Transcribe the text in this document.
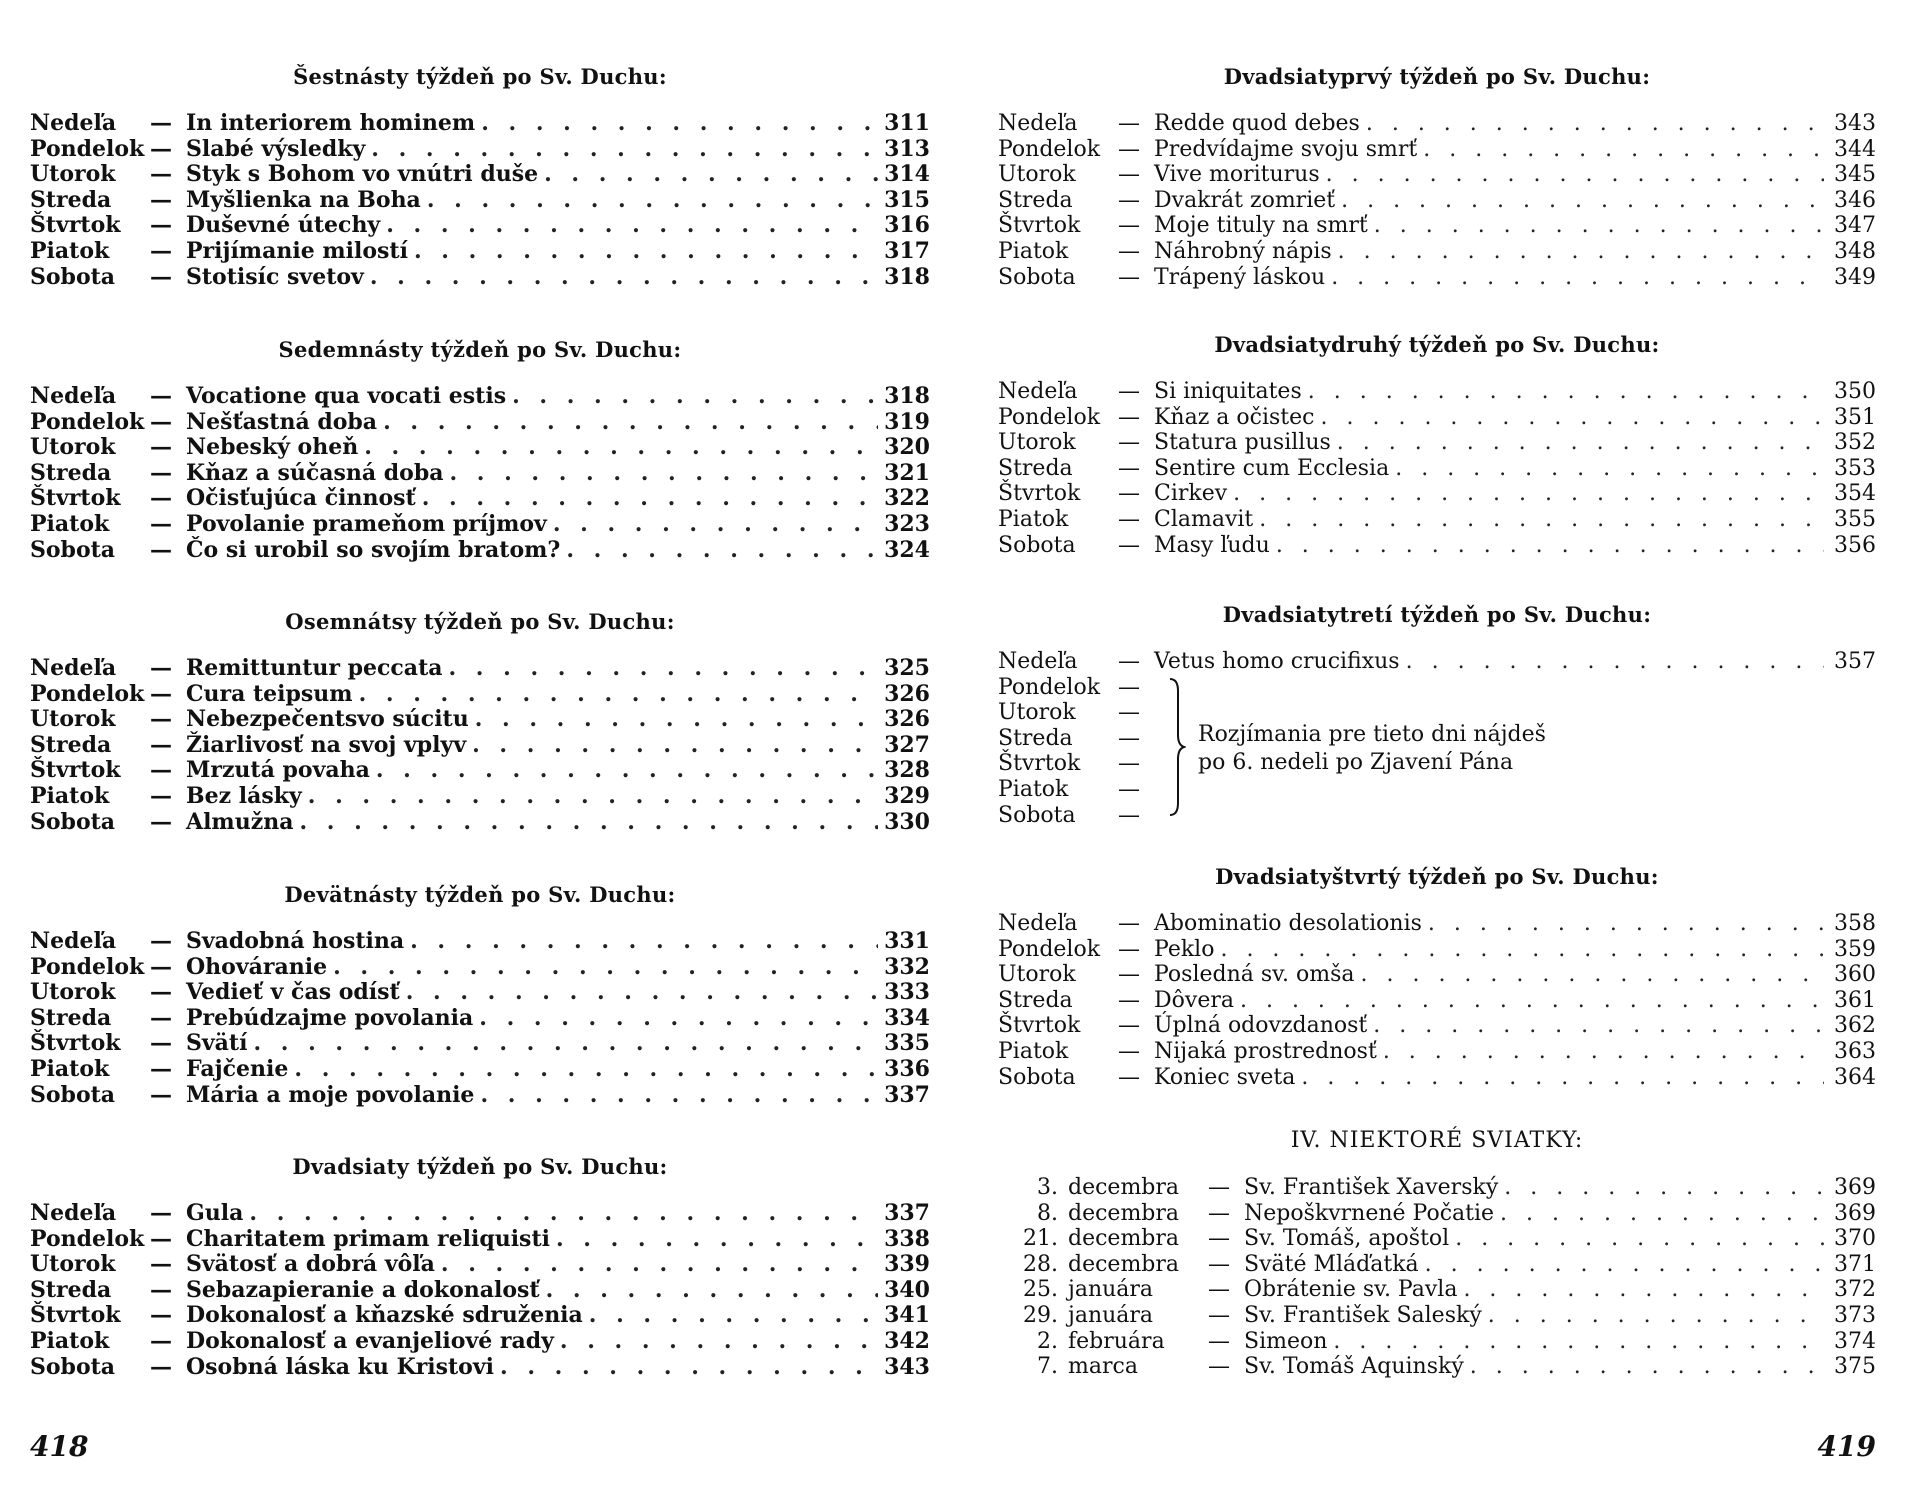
Šestnásty týždeň po Sv. Duchu:
Nedeľa	— In interiorem hominem . . .	311
Pondelok — Slabé výsledky . . .	313
Utorok	— Styk s Bohom vo vnútri duše . . .	314
Streda	— Myšlienka na Boha . . .	315
Štvrtok	— Duševné útechy . . .	316
Piatok	— Prijímanie milostí . . .	317
Sobota	— Stotisíc svetov . . .	318
Sedemnásty týždeň po Sv. Duchu:
Nedeľa	— Vocatione qua vocati estis . . .	318
Pondelok — Nešťastná doba . . .	319
Utorok	— Nebeský oheň . . .	320
Streda	— Kňaz a súčasná doba . . .	321
Štvrtok	— Očisťujúca činnosť . . .	322
Piatok	— Povolanie prameňom príjmov . . .	323
Sobota	— Čo si urobil so svojím bratom? . . .	324
Osemnátsy týždeň po Sv. Duchu:
Nedeľa	— Remittuntur peccata . . .	325
Pondelok — Cura teipsum . . .	326
Utorok	— Nebezpečentsvo súcitu . . .	326
Streda	— Žiarlivosť na svoj vplyv . . .	327
Štvrtok	— Mrzutá povaha . . .	328
Piatok	— Bez lásky . . .	329
Sobota	— Almužna . . .	330
Devätnásty týždeň po Sv. Duchu:
Nedeľa	— Svadobná hostina . . .	331
Pondelok — Ohováranie . . .	332
Utorok	— Vedieť v čas odísť . . .	333
Streda	— Prebúdzajme povolania . . .	334
Štvrtok	— Svätí . . .	335
Piatok	— Fajčenie . . .	336
Sobota	— Mária a moje povolanie . . .	337
Dvadsiaty týždeň po Sv. Duchu:
Nedeľa	— Gula . . .	337
Pondelok — Charitatem primam reliquisti . . .	338
Utorok	— Svätosť a dobrá vôľa . . .	339
Streda	— Sebazapieranie a dokonalosť . . .	340
Štvrtok	— Dokonalosť a kňazské sdruženia . . .	341
Piatok	— Dokonalosť a evanjeliové rady . . .	342
Sobota	— Osobná láska ku Kristovi . . .	343
418
Dvadsiatyprvý týždeň po Sv. Duchu:
Nedeľa	— Redde quod debes . . .	343
Pondelok — Predvídajme svoju smrť . . .	344
Utorok	— Vive moriturus . . .	345
Streda	— Dvakrát zomrieť . . .	346
Štvrtok	— Moje tituly na smrť . . .	347
Piatok	— Náhrobný nápis . . .	348
Sobota	— Trápený láskou . . .	349
Dvadsiatydruhý týždeň po Sv. Duchu:
Nedeľa	— Si iniquitates . . .	350
Pondelok — Kňaz a očistec . . .	351
Utorok	— Statura pusillus . . .	352
Streda	— Sentire cum Ecclesia . . .	353
Štvrtok	— Cirkev . . .	354
Piatok	— Clamavit . . .	355
Sobota	— Masy ľudu . . .	356
Dvadsiatytretí týždeň po Sv. Duchu:
Nedeľa	— Vetus homo crucifixus . . .	357
Pondelok —
Utorok	—
Streda	—
Štvrtok	—
Piatok	—
Sobota	—
Rozjímania pre tieto dni nájdeš
po 6. nedeli po Zjavení Pána
Dvadsiatyštvrtý týždeň po Sv. Duchu:
Nedeľa	— Abominatio desolationis . . .	358
Pondelok — Peklo . . .	359
Utorok	— Posledná sv. omša . . .	360
Streda	— Dôvera . . .	361
Štvrtok	— Úplná odovzdanosť . . .	362
Piatok	— Nijaká prostrednosť . . .	363
Sobota	— Koniec sveta . . .	364
IV. NIEKTORÉ SVIATKY:
3. decembra	— Sv. František Xaverský . . .	369
8. decembra	— Nepoškvrnené Počatie . . .	369
21. decembra	— Sv. Tomáš, apoštol . . .	370
28. decembra	— Sväté Mláďatká . . .	371
25. januára	— Obrátenie sv. Pavla . . .	372
29. januára	— Sv. František Saleský . . .	373
2. februára	— Simeon . . .	374
7. marca	— Sv. Tomáš Aquinský . . .	375
419
